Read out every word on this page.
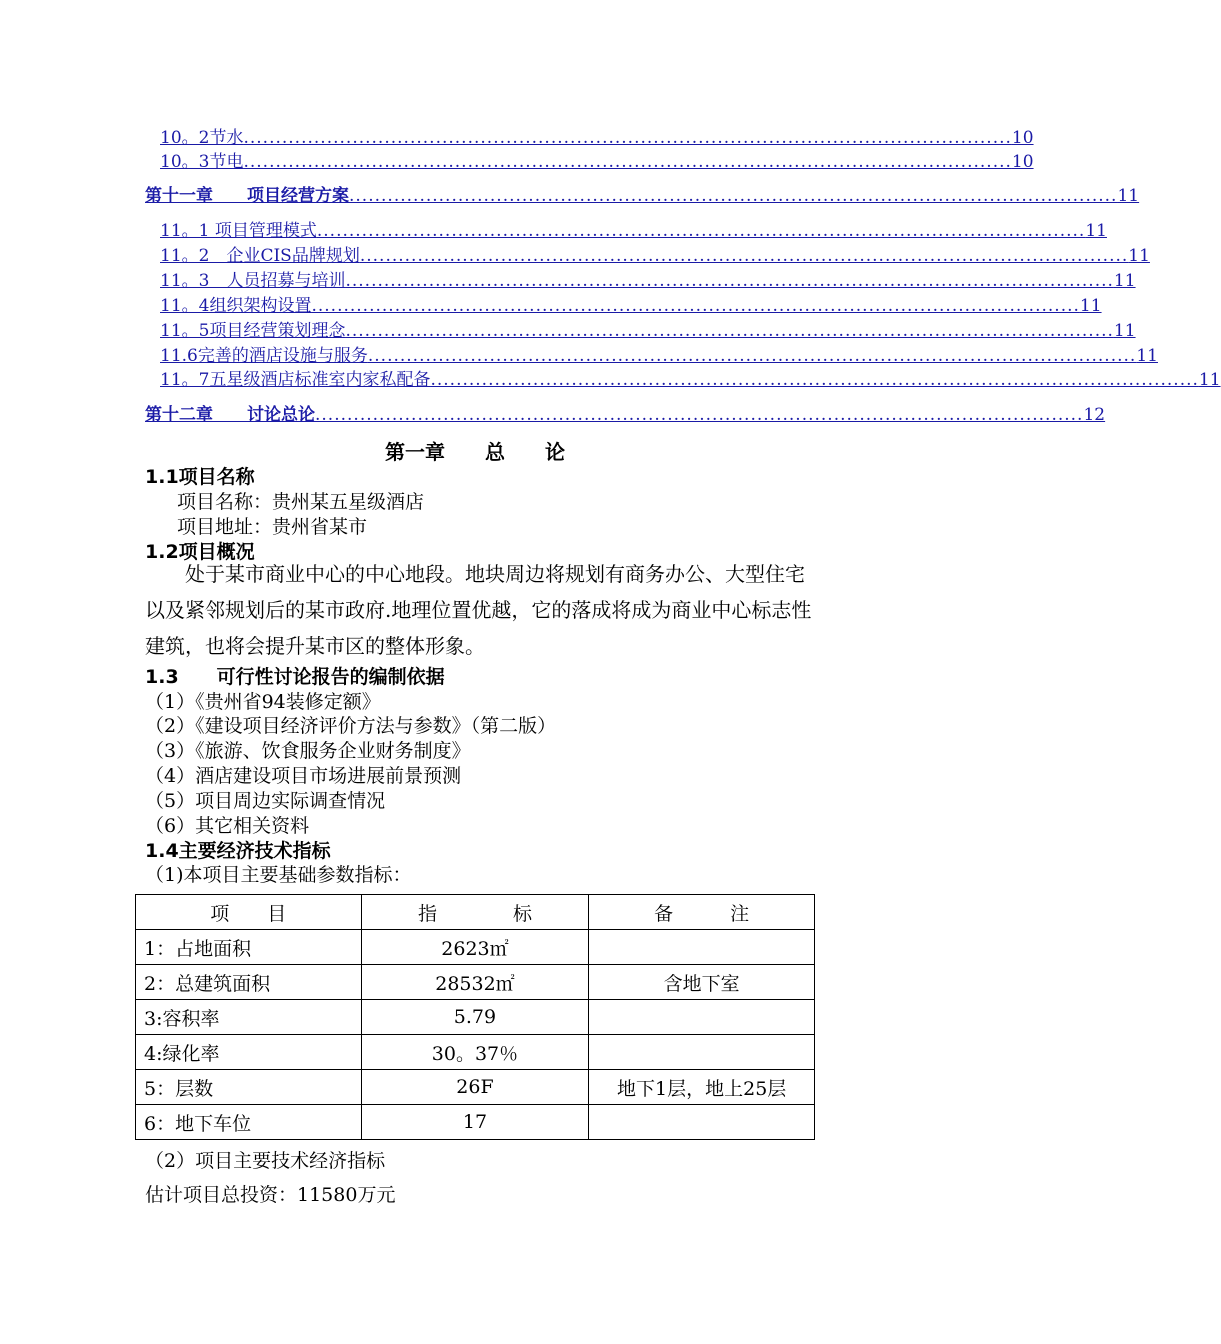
10。2节水 ........................................................................................................................ 10
10。3节电 ........................................................................................................................ 10
第十一章　　项目经营方案 ........................................................................................................................ 11
11。1 项目管理模式 ........................................................................................................................ 11
11。2　企业CIS品牌规划 ........................................................................................................................ 11
11。3　人员招募与培训 ........................................................................................................................ 11
11。4组织架构设置 ........................................................................................................................ 11
11。5项目经营策划理念 ........................................................................................................................ 11
11.6完善的酒店设施与服务 ........................................................................................................................ 11
11。7五星级酒店标准室内家私配备 ........................................................................................................................ 11
第十二章　　讨论总论 ........................................................................................................................ 12
第一章　　总　　论
1.1项目名称
项目名称：贵州某五星级酒店
项目地址：贵州省某市
1.2项目概况
处于某市商业中心的中心地段。地块周边将规划有商务办公、大型住宅以及紧邻规划后的某市政府.地理位置优越，它的落成将成为商业中心标志性建筑，也将会提升某市区的整体形象。
1.3　　可行性讨论报告的编制依据
（1）《贵州省94装修定额》
（2）《建设项目经济评价方法与参数》（第二版）
（3）《旅游、饮食服务企业财务制度》
（4）酒店建设项目市场进展前景预测
（5）项目周边实际调查情况
（6）其它相关资料
1.4主要经济技术指标
（1)本项目主要基础参数指标：
项　　目	指　　　　标	备　　　注
1：占地面积	2623㎡	
2：总建筑面积	28532㎡	含地下室
3:容积率	5.79	
4:绿化率	30。37％	
5：层数	26F	地下1层，地上25层
6：地下车位	17	
（2）项目主要技术经济指标
估计项目总投资：11580万元
